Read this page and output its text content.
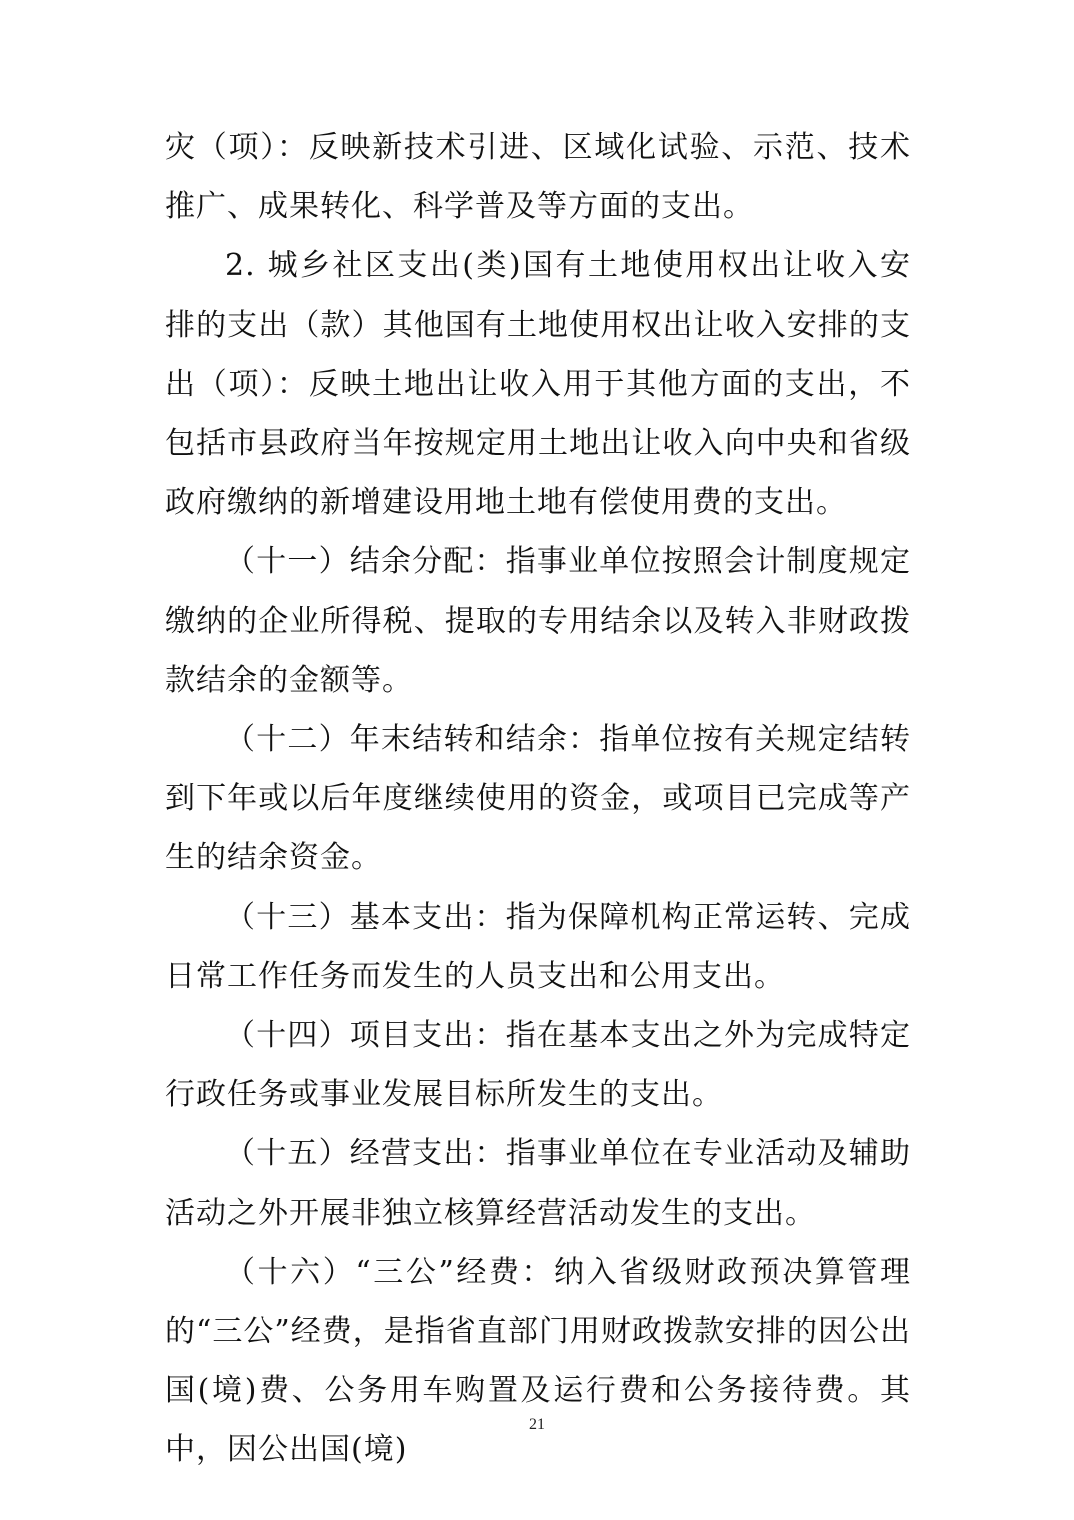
灾（项）：反映新技术引进、区域化试验、示范、技术推广、成果转化、科学普及等方面的支出。

2. 城乡社区支出(类)国有土地使用权出让收入安排的支出（款）其他国有土地使用权出让收入安排的支出（项）：反映土地出让收入用于其他方面的支出，不包括市县政府当年按规定用土地出让收入向中央和省级政府缴纳的新增建设用地土地有偿使用费的支出。

（十一）结余分配：指事业单位按照会计制度规定缴纳的企业所得税、提取的专用结余以及转入非财政拨款结余的金额等。

（十二）年末结转和结余：指单位按有关规定结转到下年或以后年度继续使用的资金，或项目已完成等产生的结余资金。

（十三）基本支出：指为保障机构正常运转、完成日常工作任务而发生的人员支出和公用支出。

（十四）项目支出：指在基本支出之外为完成特定行政任务或事业发展目标所发生的支出。

（十五）经营支出：指事业单位在专业活动及辅助活动之外开展非独立核算经营活动发生的支出。

（十六）“三公”经费：纳入省级财政预决算管理的“三公”经费，是指省直部门用财政拨款安排的因公出国(境)费、公务用车购置及运行费和公务接待费。其中，因公出国(境)

21
